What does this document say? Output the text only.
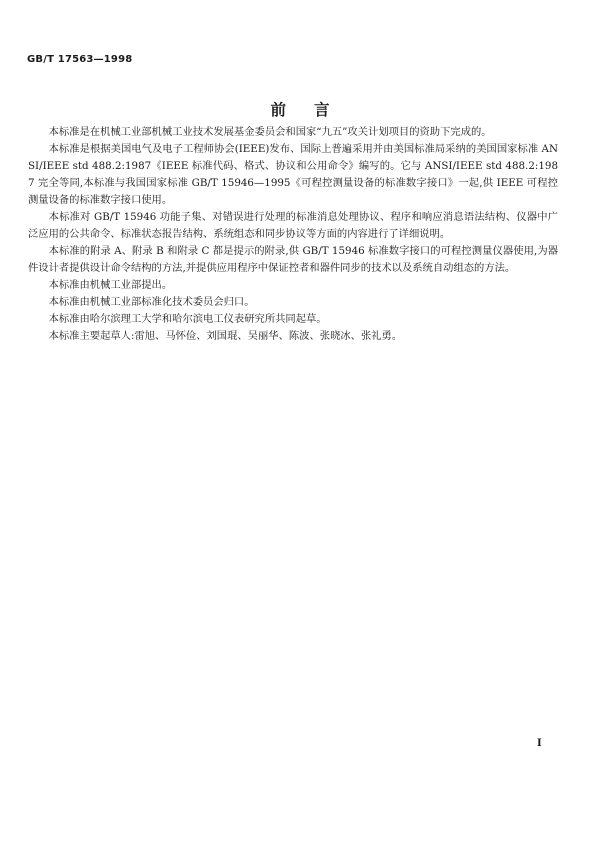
GB/T 17563—1998
前言

本标准是在机械工业部机械工业技术发展基金委员会和国家“九五”攻关计划项目的资助下完成的。

本标准是根据美国电气及电子工程师协会(IEEE)发布、国际上普遍采用并由美国标准局采纳的美国国家标准 ANSI/IEEE std 488.2:1987《IEEE 标准代码、格式、协议和公用命令》编写的。它与 ANSI/IEEE std 488.2:1987 完全等同,本标准与我国国家标准 GB/T 15946—1995《可程控测量设备的标准数字接口》一起,供 IEEE 可程控测量设备的标准数字接口使用。

本标准对 GB/T 15946 功能子集、对错误进行处理的标准消息处理协议、程序和响应消息语法结构、仪器中广泛应用的公共命令、标准状态报告结构、系统组态和同步协议等方面的内容进行了详细说明。

本标准的附录 A、附录 B 和附录 C 都是提示的附录,供 GB/T 15946 标准数字接口的可程控测量仪器使用,为器件设计者提供设计命令结构的方法,并提供应用程序中保证控者和器件同步的技术以及系统自动组态的方法。

本标准由机械工业部提出。

本标准由机械工业部标准化技术委员会归口。

本标准由哈尔滨理工大学和哈尔滨电工仪表研究所共同起草。

本标准主要起草人:雷旭、马怀俭、刘国琨、吴丽华、陈波、张晓冰、张礼勇。

I
